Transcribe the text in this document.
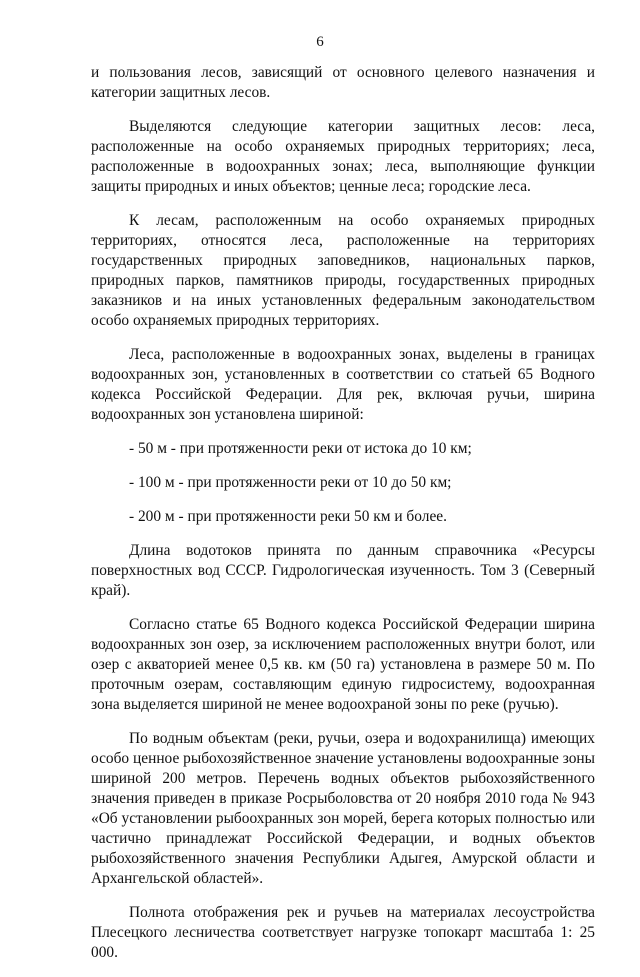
6

и пользования лесов, зависящий от основного целевого назначения и категории защитных лесов.

Выделяются следующие категории защитных лесов: леса, расположенные на особо охраняемых природных территориях; леса, расположенные в водоохранных зонах; леса, выполняющие функции защиты природных и иных объектов; ценные леса; городские леса.

К лесам, расположенным на особо охраняемых природных территориях, относятся леса, расположенные на территориях государственных природных заповедников, национальных парков, природных парков, памятников природы, государственных природных заказников и на иных установленных федеральным законодательством особо охраняемых природных территориях.

Леса, расположенные в водоохранных зонах, выделены в границах водоохранных зон, установленных в соответствии со статьей 65 Водного кодекса Российской Федерации. Для рек, включая ручьи, ширина водоохранных зон установлена шириной:

- 50 м - при протяженности реки от истока до 10 км;
- 100 м - при протяженности реки от 10 до 50 км;
- 200 м - при протяженности реки 50 км и более.

Длина водотоков принята по данным справочника «Ресурсы поверхностных вод СССР. Гидрологическая изученность. Том 3 (Северный край).

Согласно статье 65 Водного кодекса Российской Федерации ширина водоохранных зон озер, за исключением расположенных внутри болот, или озер с акваторией менее 0,5 кв. км (50 га) установлена в размере 50 м. По проточным озерам, составляющим единую гидросистему, водоохранная зона выделяется шириной не менее водоохраной зоны по реке (ручью).

По водным объектам (реки, ручьи, озера и водохранилища) имеющих особо ценное рыбохозяйственное значение установлены водоохранные зоны шириной 200 метров. Перечень водных объектов рыбохозяйственного значения приведен в приказе Росрыболовства от 20 ноября 2010 года № 943 «Об установлении рыбоохранных зон морей, берега которых полностью или частично принадлежат Российской Федерации, и водных объектов рыбохозяйственного значения Республики Адыгея, Амурской области и Архангельской областей».

Полнота отображения рек и ручьев на материалах лесоустройства Плесецкого лесничества соответствует нагрузке топокарт масштаба 1: 25 000.
